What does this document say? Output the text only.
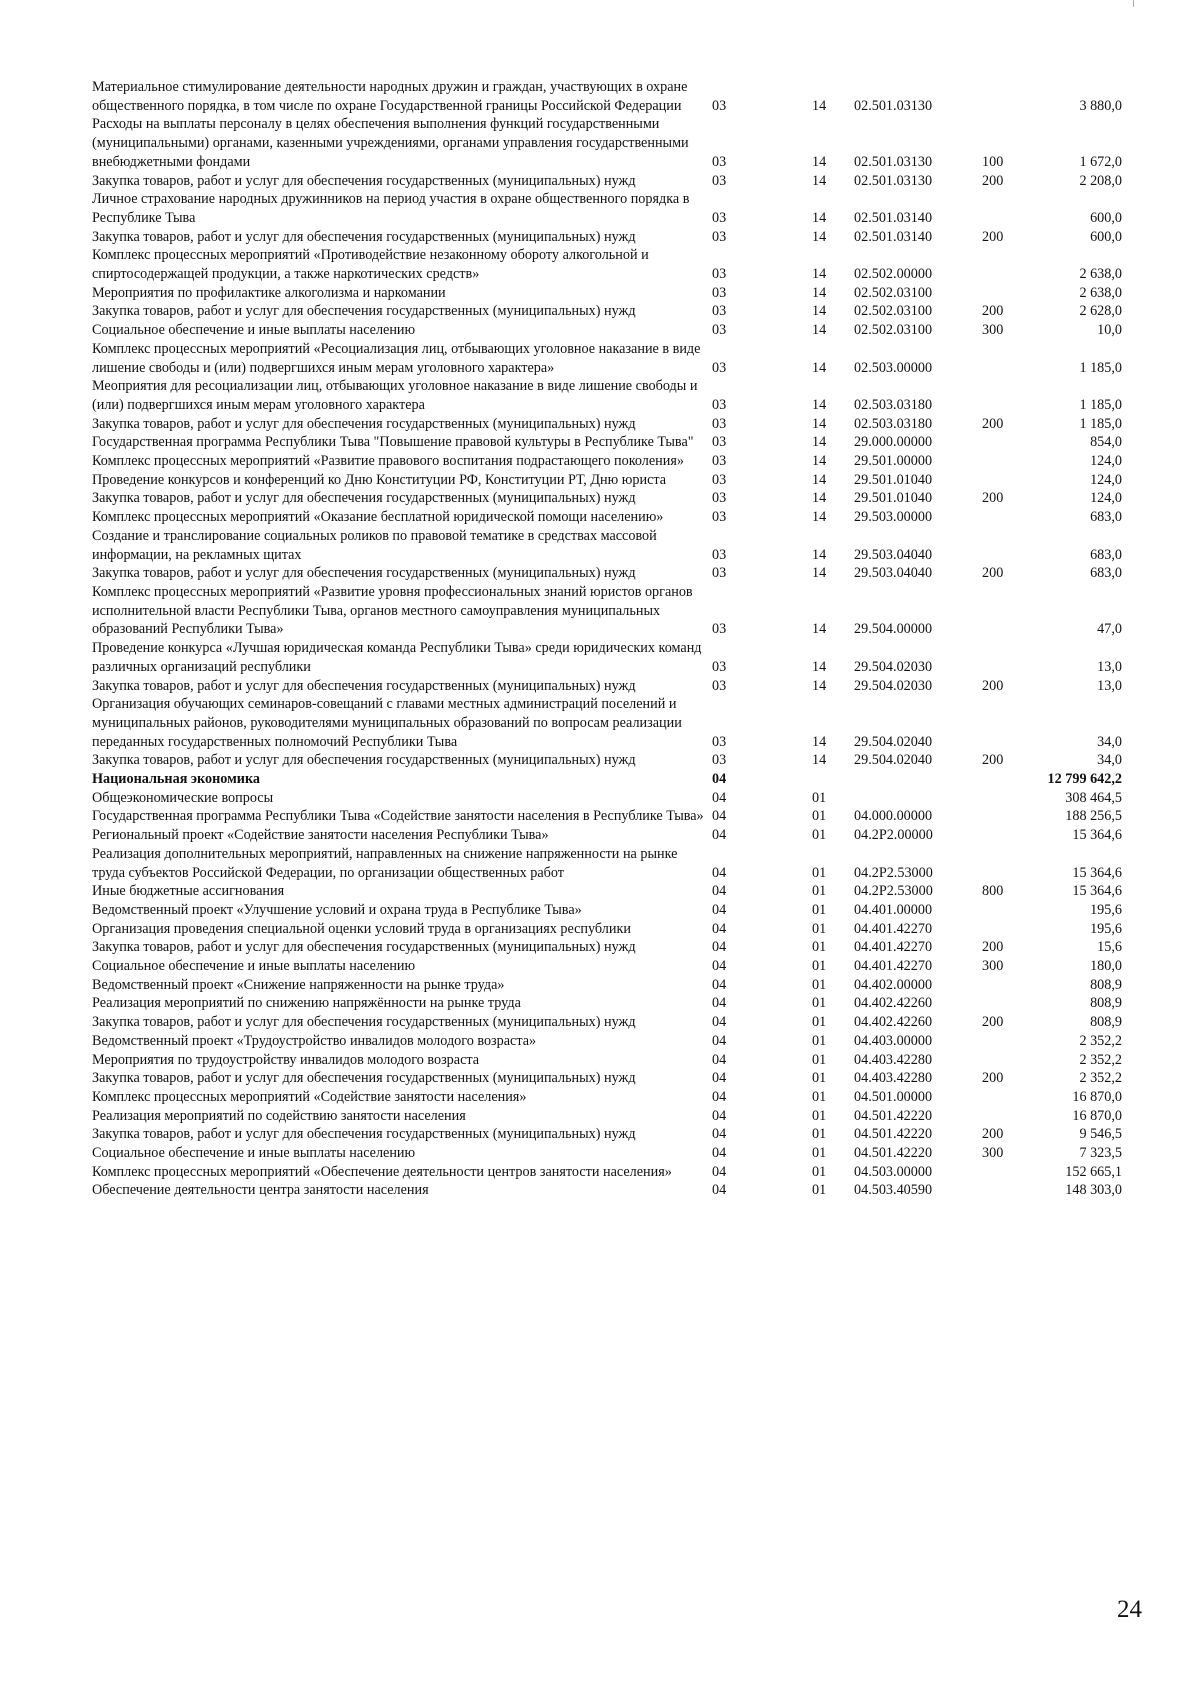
Материальное стимулирование деятельности народных дружин и граждан, участвующих в охране общественного порядка, в том числе по охране Государственной границы Российской Федерации	03	14	02.501.03130		3 880,0
Расходы на выплаты персоналу в целях обеспечения выполнения функций государственными (муниципальными) органами, казенными учреждениями, органами управления государственными внебюджетными фондами	03	14	02.501.03130	100	1 672,0
Закупка товаров, работ и услуг для обеспечения государственных (муниципальных) нужд	03	14	02.501.03130	200	2 208,0
Личное страхование народных дружинников на период участия в охране общественного порядка в Республике Тыва	03	14	02.501.03140		600,0
Закупка товаров, работ и услуг для обеспечения государственных (муниципальных) нужд	03	14	02.501.03140	200	600,0
Комплекс процессных мероприятий «Противодействие незаконному обороту алкогольной и спиртосодержащей продукции, а также наркотических средств»	03	14	02.502.00000		2 638,0
Мероприятия по профилактике алкоголизма и наркомании	03	14	02.502.03100		2 638,0
Закупка товаров, работ и услуг для обеспечения государственных (муниципальных) нужд	03	14	02.502.03100	200	2 628,0
Социальное обеспечение и иные выплаты населению	03	14	02.502.03100	300	10,0
Комплекс процессных мероприятий «Ресоциализация лиц, отбывающих уголовное наказание в виде лишение свободы и (или) подвергшихся иным мерам уголовного характера»	03	14	02.503.00000		1 185,0
Меоприятия для ресоциализации лиц, отбывающих уголовное наказание в виде лишение свободы и (или) подвергшихся иным мерам уголовного характера	03	14	02.503.03180		1 185,0
Закупка товаров, работ и услуг для обеспечения государственных (муниципальных) нужд	03	14	02.503.03180	200	1 185,0
Государственная программа Республики Тыва "Повышение правовой культуры в Республике Тыва"	03	14	29.000.00000		854,0
Комплекс процессных мероприятий «Развитие правового воспитания подрастающего поколения»	03	14	29.501.00000		124,0
Проведение конкурсов и конференций ко Дню Конституции РФ, Конституции РТ, Дню юриста	03	14	29.501.01040		124,0
Закупка товаров, работ и услуг для обеспечения государственных (муниципальных) нужд	03	14	29.501.01040	200	124,0
Комплекс процессных мероприятий «Оказание бесплатной юридической помощи населению»	03	14	29.503.00000		683,0
Создание и транслирование социальных роликов по правовой тематике в средствах массовой информации, на рекламных щитах	03	14	29.503.04040		683,0
Закупка товаров, работ и услуг для обеспечения государственных (муниципальных) нужд	03	14	29.503.04040	200	683,0
Комплекс процессных мероприятий «Развитие уровня профессиональных знаний юристов органов исполнительной власти Республики Тыва, органов местного самоуправления муниципальных образований Республики Тыва»	03	14	29.504.00000		47,0
Проведение конкурса «Лучшая юридическая команда Республики Тыва» среди юридических команд различных организаций республики	03	14	29.504.02030		13,0
Закупка товаров, работ и услуг для обеспечения государственных (муниципальных) нужд	03	14	29.504.02030	200	13,0
Организация обучающих семинаров-совещаний с главами местных администраций поселений и муниципальных районов, руководителями муниципальных образований по вопросам реализации переданных государственных полномочий Республики Тыва	03	14	29.504.02040		34,0
Закупка товаров, работ и услуг для обеспечения государственных (муниципальных) нужд	03	14	29.504.02040	200	34,0
Национальная экономика	04				12 799 642,2
Общеэкономические вопросы	04	01			308 464,5
Государственная программа Республики Тыва «Содействие занятости населения в Республике Тыва»	04	01	04.000.00000		188 256,5
Региональный проект «Содействие занятости населения Республики Тыва»	04	01	04.2Р2.00000		15 364,6
Реализация дополнительных мероприятий, направленных на снижение напряженности на рынке труда субъектов Российской Федерации, по организации общественных работ	04	01	04.2Р2.53000		15 364,6
Иные бюджетные ассигнования	04	01	04.2Р2.53000	800	15 364,6
Ведомственный проект «Улучшение условий и охрана труда в Республике Тыва»	04	01	04.401.00000		195,6
Организация проведения специальной оценки условий труда в организациях республики	04	01	04.401.42270		195,6
Закупка товаров, работ и услуг для обеспечения государственных (муниципальных) нужд	04	01	04.401.42270	200	15,6
Социальное обеспечение и иные выплаты населению	04	01	04.401.42270	300	180,0
Ведомственный проект «Снижение напряженности на рынке труда»	04	01	04.402.00000		808,9
Реализация мероприятий по снижению напряжённости на рынке труда	04	01	04.402.42260		808,9
Закупка товаров, работ и услуг для обеспечения государственных (муниципальных) нужд	04	01	04.402.42260	200	808,9
Ведомственный проект «Трудоустройство инвалидов молодого возраста»	04	01	04.403.00000		2 352,2
Мероприятия по трудоустройству инвалидов молодого возраста	04	01	04.403.42280		2 352,2
Закупка товаров, работ и услуг для обеспечения государственных (муниципальных) нужд	04	01	04.403.42280	200	2 352,2
Комплекс процессных мероприятий «Содействие занятости населения»	04	01	04.501.00000		16 870,0
Реализация мероприятий по содействию занятости населения	04	01	04.501.42220		16 870,0
Закупка товаров, работ и услуг для обеспечения государственных (муниципальных) нужд	04	01	04.501.42220	200	9 546,5
Социальное обеспечение и иные выплаты населению	04	01	04.501.42220	300	7 323,5
Комплекс процессных мероприятий «Обеспечение деятельности центров занятости населения»	04	01	04.503.00000		152 665,1
Обеспечение деятельности центра занятости населения	04	01	04.503.40590		148 303,0
24
